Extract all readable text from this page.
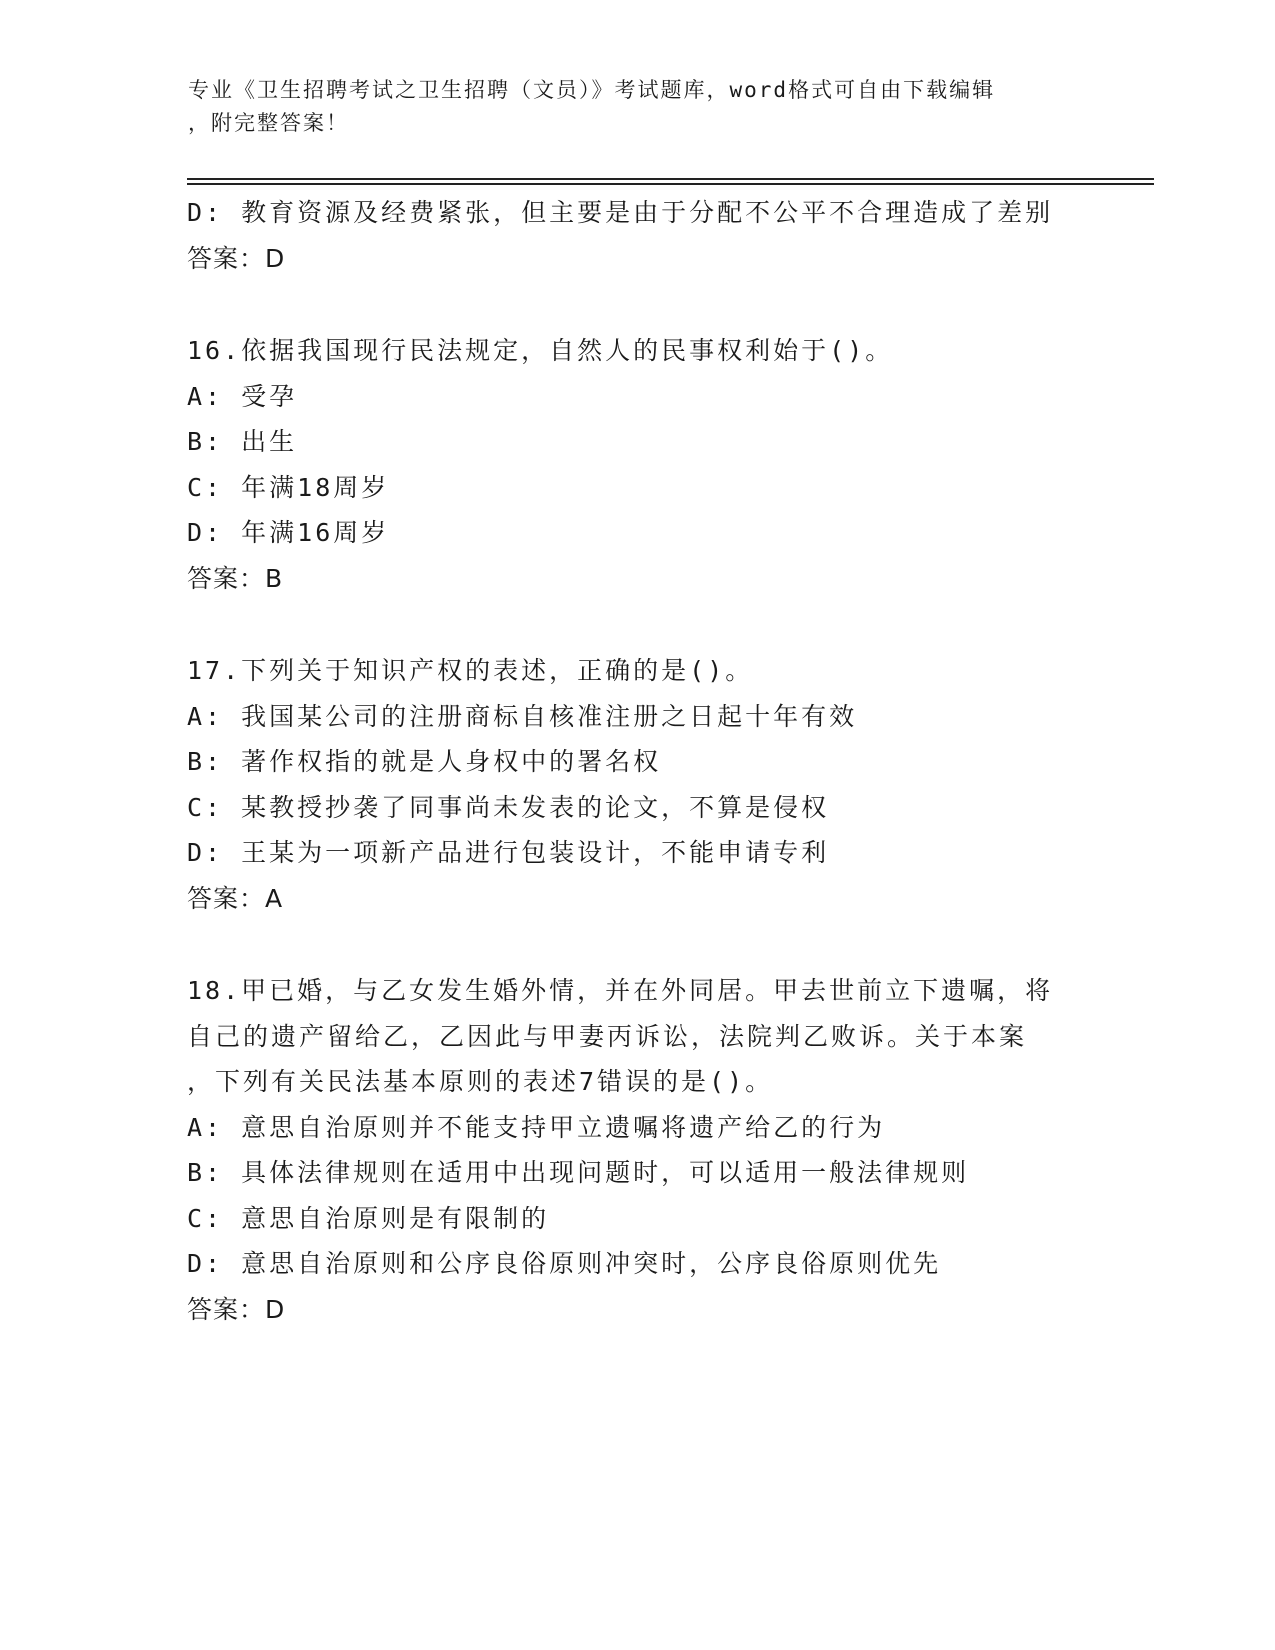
专业《卫生招聘考试之卫生招聘（文员）》考试题库，word格式可自由下载编辑
，附完整答案！
D: 教育资源及经费紧张，但主要是由于分配不公平不合理造成了差别
答案：D
16.依据我国现行民法规定，自然人的民事权利始于()。
A: 受孕
B: 出生
C: 年满18周岁
D: 年满16周岁
答案：B
17.下列关于知识产权的表述，正确的是()。
A: 我国某公司的注册商标自核准注册之日起十年有效
B: 著作权指的就是人身权中的署名权
C: 某教授抄袭了同事尚未发表的论文，不算是侵权
D: 王某为一项新产品进行包装设计，不能申请专利
答案：A
18.甲已婚，与乙女发生婚外情，并在外同居。甲去世前立下遗嘱，将
自己的遗产留给乙，乙因此与甲妻丙诉讼，法院判乙败诉。关于本案
，下列有关民法基本原则的表述7错误的是()。
A: 意思自治原则并不能支持甲立遗嘱将遗产给乙的行为
B: 具体法律规则在适用中出现问题时，可以适用一般法律规则
C: 意思自治原则是有限制的
D: 意思自治原则和公序良俗原则冲突时，公序良俗原则优先
答案：D
